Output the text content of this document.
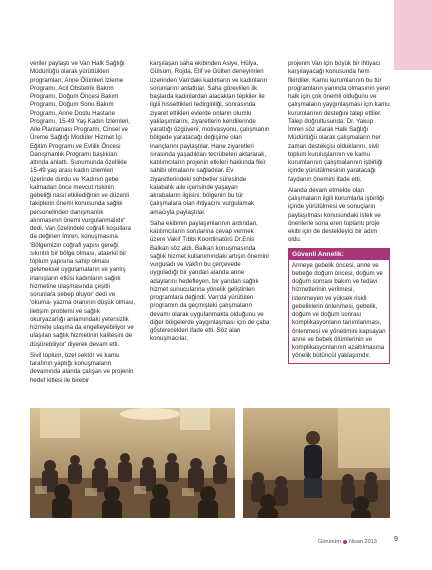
veriler paylaştı ve Van Halk Sağlığı Müdürlüğü olarak yürüttükleri programları; Anne Ölümleri İzleme Programı, Acil Obstetrik Bakım Programı, Doğum Öncesi Bakım Programı, Doğum Sonu Bakım Programı, Anne Dostu Hastane Programı, 15-49 Yaş Kadın İzlemleri, Aile Planlaması Programı, Cinsel ve Üreme Sağlığı Modüler Hizmet İçi Eğitim Programı ve Evlilik Öncesi Danışmanlık Programı başlıkları altında anlattı. Sunumunda özellikle 15-49 yaş arası kadın izlemleri üzerinde durdu ve 'Kadının gebe kalmadan önce mevcut riskinin gebeliği nasıl etkilediğinin ve düzenli takiplerin önemi konusunda sağlık personelinden danışmanlık alınmasının önemi vurgulanmalıdır' dedi. Van özelindeki coğrafi koşullara da değinen İmren, konuşmasına 'Bölgemizin coğrafi yapısı gereği sıkıntılı bir bölge olması, ataerkil bir toplum yapısına sahip olması geleneksel uygulamaların ve yanlış inanışların etkisi kadınların sağlık hizmetine ulaşmasında çeşitli sorunlara sebep oluyor' dedi ve 'okuma- yazma oranının düşük olması, iletişim problemi ve sağlık okuryazarlığı anlamındaki yetersizlik hizmete ulaşma da engelleyebiliyor ve ulaşılan sağlık hizmetinin kalitesini de düşürebiliyor' diyerek devam etti.

Sivil toplum, özel sektör ve kamu tarafının yaptığı konuşmaların devamında alanda çalışan ve projenin hedef kitlesi ile birebir

karşılaşan saha ekibinden Asiye, Hülya, Gülsüm, Rojda, Elif ve Gülten deneyimleri üzerinden Van'daki kadınların ve kadınların sorunlarını anlattılar. Saha görevlileri ilk başlarda kadınlardan alacakları tepkiler ile ilgili hissettikleri tedirginliği, sonrasında ziyaret ettikleri evlerde onların olumlu yaklaşımlarını, ziyaretlerin kendilerinde yarattığı özgüveni, motivasyonu, çalışmanın bölgede yaratacağı değişime olan inançlarını paylaştılar. Hane ziyaretleri sırasında yaşadıkları tecrübeleri aktararak, katılımcıların projenin etkileri hakkında fikir sahibi olmalarını sağladılar. Ev ziyaretlerindeki sohbetler süresinde kalabalık aile içerisinde yaşayan akrabaların ilgisini, bölgenin bu tür çalışmalara olan ihtiyacını vurgulamak amacıyla paylaştılar.

Saha ekibinin paylaşımlarının ardından, katılımcıların sorularına cevap vermek üzere Vakıf Tıbbi Koordinatörü Dr.Enis Balkan söz aldı. Balkan konuşmasında sağlık hizmet kullanımındaki artışın önemini vurguladı ve Vakfın bu çerçevede uyguladığı bir yandan alanda anne adaylarını hedefleyen, bir yandan sağlık hizmet sunucularına yönelik geliştirilen programlara değindi. Van'da yürütülen programın da geçmişteki çalışmaların devamı olarak uygulanmakta olduğunu ve diğer bölgelerde yaygınlaşması için de çaba gösterecekleri ifade etti. Söz alan konuşmacılar,

projenin Van için büyük bir ihtiyacı karşılayacağı konusunda hem fikirdiler. Kamu kurumlarının bu tür programların yanında olmasının yerel halk için çok önemli olduğunu ve çalışmaların yaygınlaşması için kamu kurumlarının desteğini talep ettiler. Talep doğrultusunda; Dr. Yakup İmren söz alarak Halk Sağlığı Müdürlüğü olarak çalışmaların her zaman destekçisi olduklarını, sivil toplum kuruluşlarının ve kamu kurumlarının çalışmalarının işbirliği içinde yürütülmesinin yaratacağı faydanın önemini ifade etti.

Alanda devam etmekte olan çalışmaların ilgili kurumlarla işbirliği içinde yürütülmesi ve sonuçların paylaşılması konusundaki istek ve önerilerle sona eren toplantı proje ekibi için de destekleyici bir adım oldu.

Güvenli Annelik:
Anneye gebelik öncesi, anne ve bebeğe doğum öncesi, doğum ve doğum sonrası bakım ve tedavi hizmetlerinin verilmesi, istenmeyen ve yüksek riskli gebeliklerin önlenmesi, gebelik, doğum ve doğum sonrası komplikasyonların tanımlanması, önlenmesi ve yönetimini kapsayan anne ve bebek ölümlerinin ve komplikasyonlarının azaltılmasına yönelik bütüncül yaklaşımdır.
Görünüm Nisan 2013 9
